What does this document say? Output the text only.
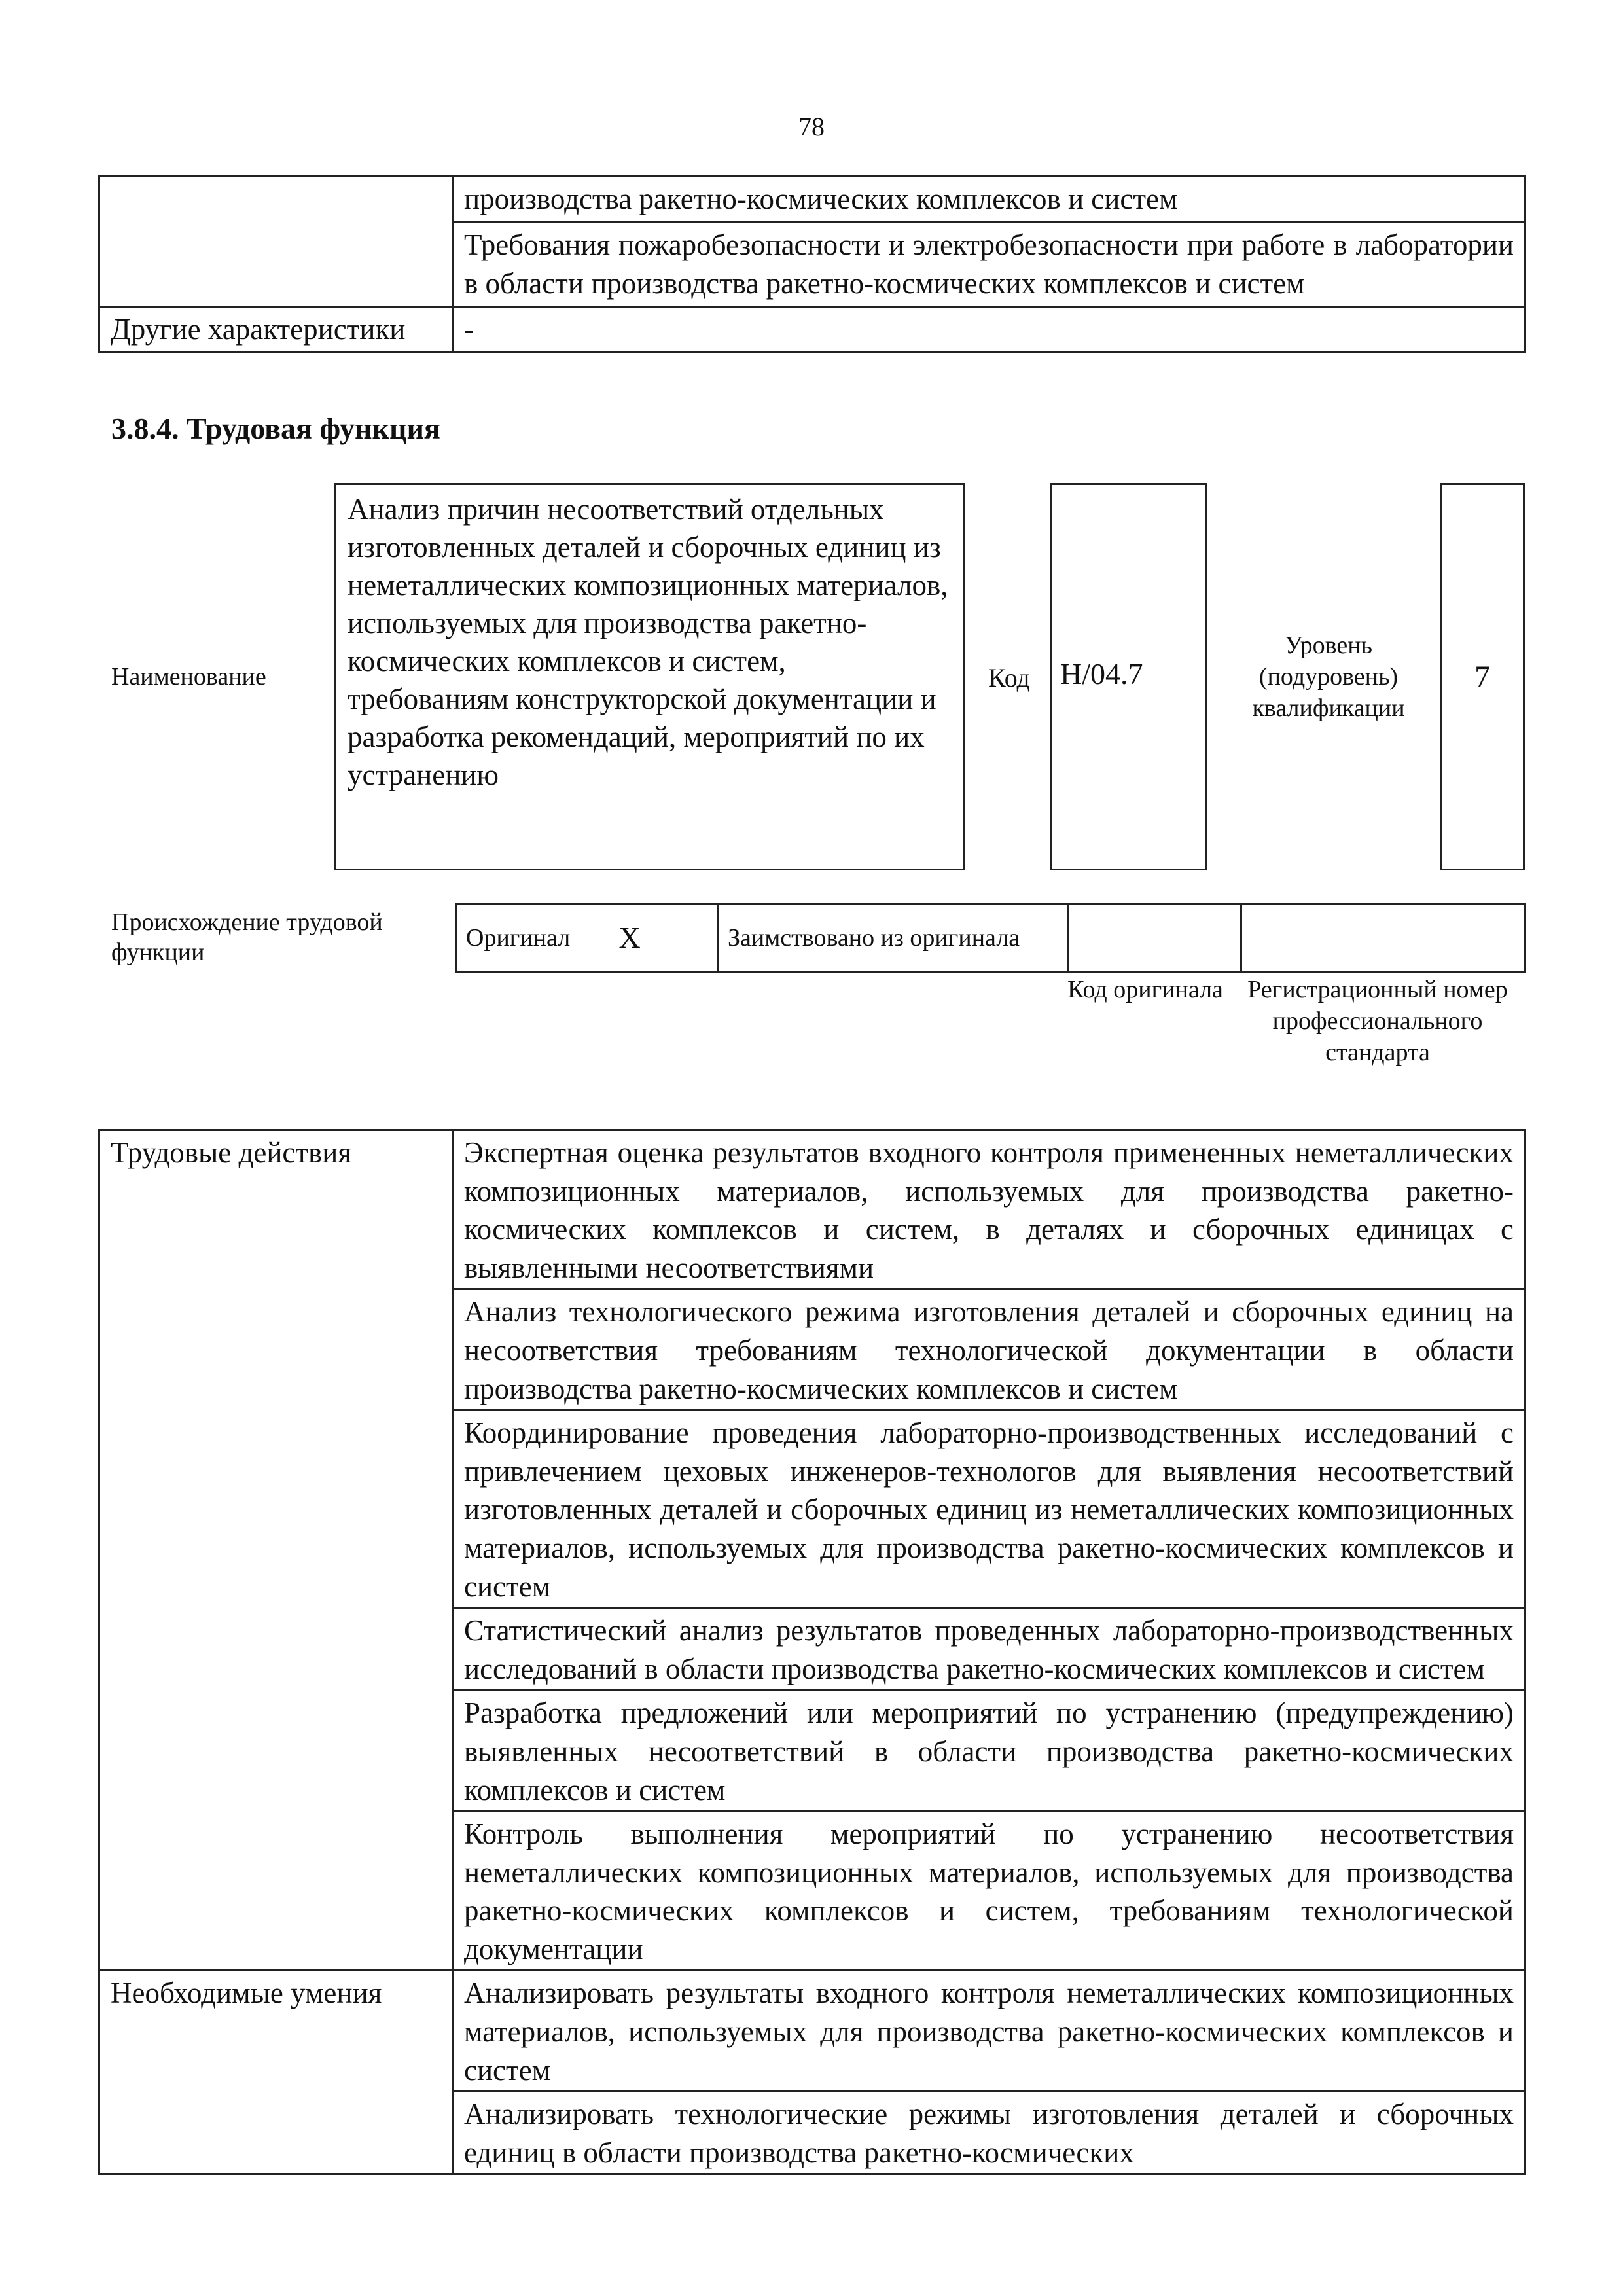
78

	производства ракетно-космических комплексов и систем

	Требования пожаробезопасности и электробезопасности при работе в лаборатории в области производства ракетно-космических комплексов и систем

Другие характеристики	-
3.8.4. Трудовая функция
Наименование
Анализ причин несоответствий отдельных изготовленных деталей и сборочных единиц из неметаллических композиционных материалов, используемых для производства ракетно-космических комплексов и систем, требованиям конструкторской документации и разработка рекомендаций, мероприятий по их устранению
Код H/04.7
Уровень (подуровень) квалификации
7
Происхождение трудовой функции
Оригинал	X	Заимствовано из оригинала		
Код оригинала Регистрационный номер профессионального стандарта
Трудовые действия	Экспертная оценка результатов входного контроля примененных неметаллических композиционных материалов, используемых для производства ракетно-космических комплексов и систем, в деталях и сборочных единицах с выявленными несоответствиями

	Анализ технологического режима изготовления деталей и сборочных единиц на несоответствия требованиям технологической документации в области производства ракетно-космических комплексов и систем

	Координирование проведения лабораторно-производственных исследований с привлечением цеховых инженеров-технологов для выявления несоответствий изготовленных деталей и сборочных единиц из неметаллических композиционных материалов, используемых для производства ракетно-космических комплексов и систем

	Статистический анализ результатов проведенных лабораторно-производственных исследований в области производства ракетно-космических комплексов и систем

	Разработка предложений или мероприятий по устранению (предупреждению) выявленных несоответствий в области производства ракетно-космических комплексов и систем

	Контроль выполнения мероприятий по устранению несоответствия неметаллических композиционных материалов, используемых для производства ракетно-космических комплексов и систем, требованиям технологической документации

Необходимые умения	Анализировать результаты входного контроля неметаллических композиционных материалов, используемых для производства ракетно-космических комплексов и систем

	Анализировать технологические режимы изготовления деталей и сборочных единиц в области производства ракетно-космических
